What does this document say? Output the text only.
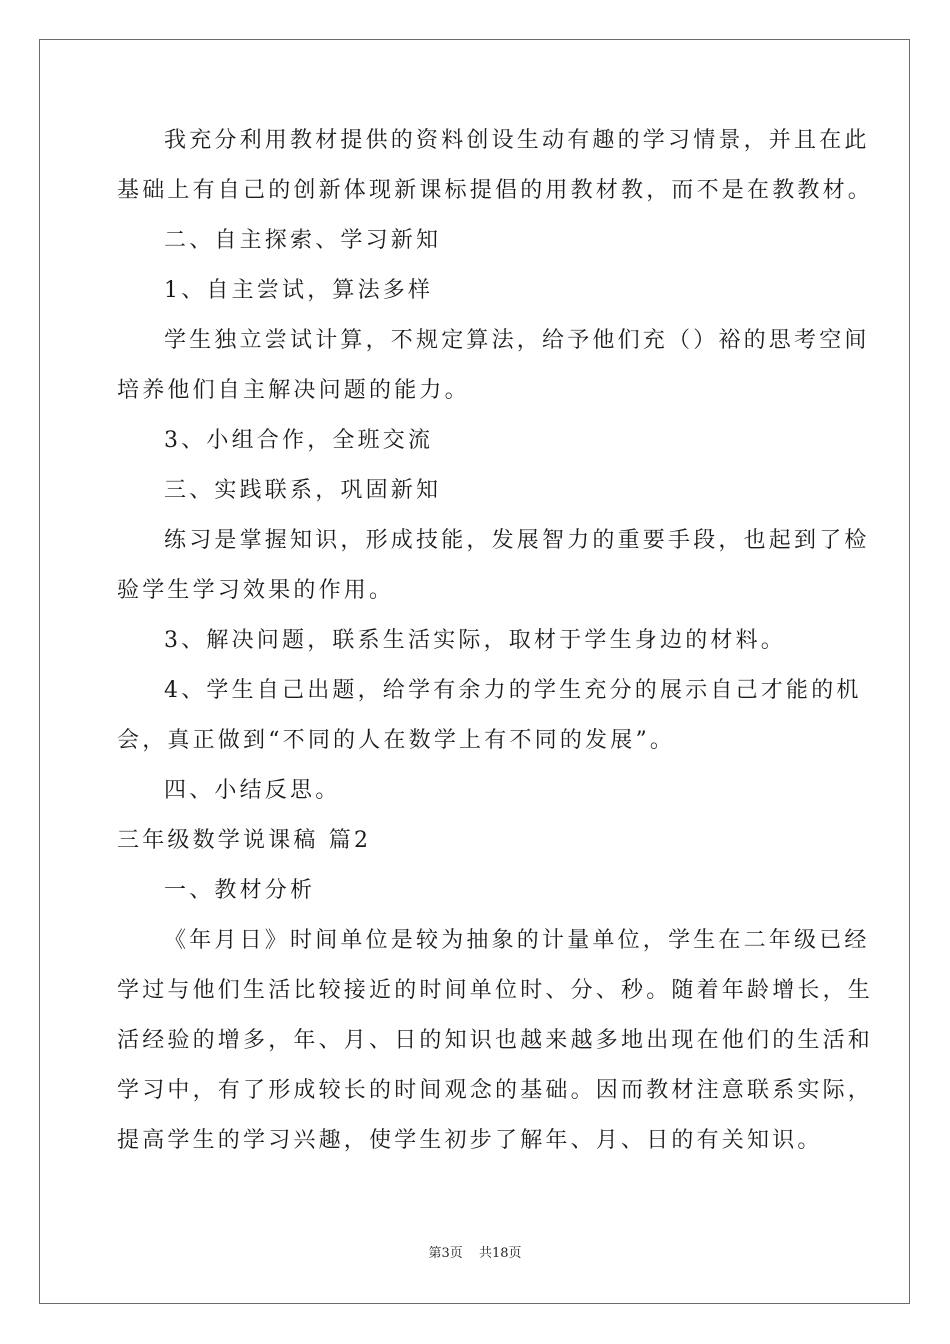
我充分利用教材提供的资料创设生动有趣的学习情景，并且在此
基础上有自己的创新体现新课标提倡的用教材教，而不是在教教材。
二、自主探索、学习新知
1、自主尝试，算法多样
学生独立尝试计算，不规定算法，给予他们充（）裕的思考空间
培养他们自主解决问题的能力。
3、小组合作，全班交流
三、实践联系，巩固新知
练习是掌握知识，形成技能，发展智力的重要手段，也起到了检
验学生学习效果的作用。
3、解决问题，联系生活实际，取材于学生身边的材料。
4、学生自己出题，给学有余力的学生充分的展示自己才能的机
会，真正做到“不同的人在数学上有不同的发展”。
四、小结反思。
三年级数学说课稿 篇2
一、教材分析
《年月日》时间单位是较为抽象的计量单位，学生在二年级已经
学过与他们生活比较接近的时间单位时、分、秒。随着年龄增长，生
活经验的增多，年、月、日的知识也越来越多地出现在他们的生活和
学习中，有了形成较长的时间观念的基础。因而教材注意联系实际，
提高学生的学习兴趣，使学生初步了解年、月、日的有关知识。
第3页 共18页
